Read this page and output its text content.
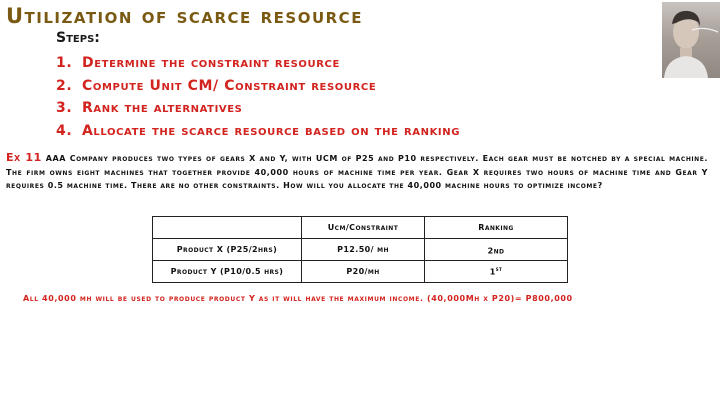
Utilization of scarce resource
Steps:
1. Determine the constraint resource
2. Compute Unit CM/ Constraint resource
3. Rank the alternatives
4. Allocate the scarce resource based on the ranking

Ex 11 AAA Company produces two types of gears X and Y, with UCM of P25 and P10 respectively. Each gear must be notched by a special machine. The firm owns eight machines that together provide 40,000 hours of machine time per year. Gear X requires two hours of machine time and Gear Y requires 0.5 machine time. There are no other constraints. How will you allocate the 40,000 machine hours to optimize income?

	Ucm/Constraint	Ranking
Product X (P25/2hrs)	P12.50/ mh	2nd
Product Y (P10/0.5 hrs)	P20/mh	1st

All 40,000 mh will be used to produce product Y as it will have the maximum income. (40,000Mh x P20)= P800,000
